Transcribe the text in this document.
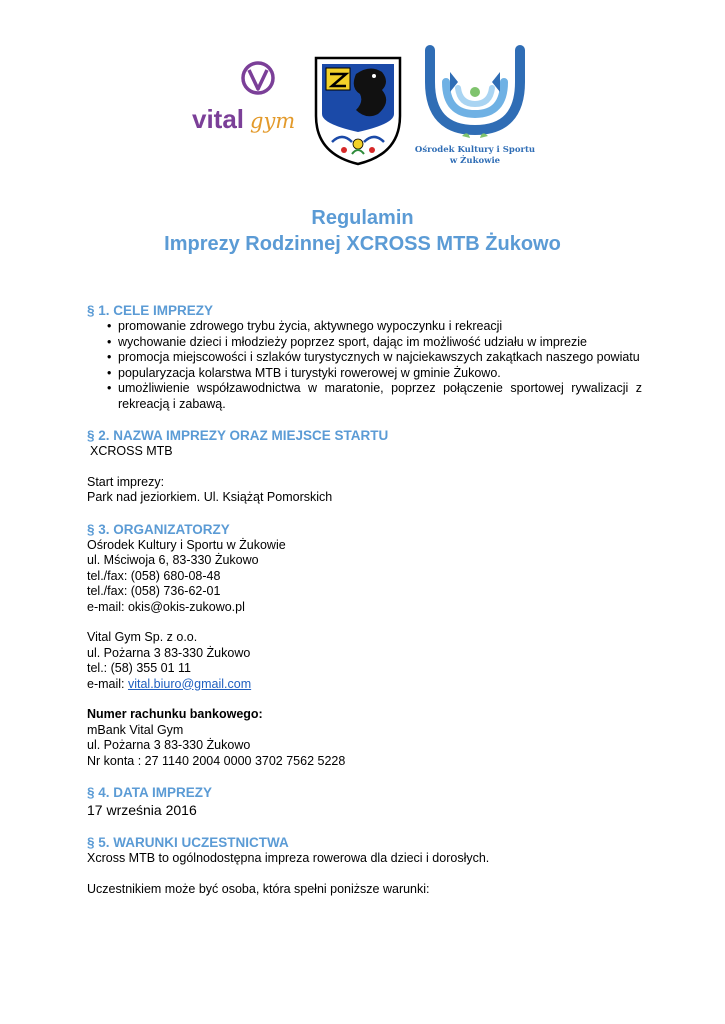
vital gym
Ośrodek Kultury i Sportu
w Żukowie
Regulamin
Imprezy Rodzinnej XCROSS MTB Żukowo
§ 1. CELE IMPREZY
• promowanie zdrowego trybu życia, aktywnego wypoczynku i rekreacji
• wychowanie dzieci i młodzieży poprzez sport, dając im możliwość udziału w imprezie
• promocja miejscowości i szlaków turystycznych w najciekawszych zakątkach naszego powiatu
• popularyzacja kolarstwa MTB i turystyki rowerowej w gminie Żukowo.
• umożliwienie współzawodnictwa w maratonie, poprzez połączenie sportowej rywalizacji z rekreacją i zabawą.
§ 2. NAZWA IMPREZY ORAZ MIEJSCE STARTU
XCROSS MTB
Start imprezy:
Park nad jeziorkiem. Ul. Książąt Pomorskich
§ 3. ORGANIZATORZY
Ośrodek Kultury i Sportu w Żukowie
ul. Mściwoja 6, 83-330 Żukowo
tel./fax: (058) 680-08-48
tel./fax: (058) 736-62-01
e-mail: okis@okis-zukowo.pl
Vital Gym Sp. z o.o.
ul. Pożarna 3 83-330 Żukowo
tel.: (58) 355 01 11
e-mail: vital.biuro@gmail.com
Numer rachunku bankowego:
mBank Vital Gym
ul. Pożarna 3 83-330 Żukowo
Nr konta : 27 1140 2004 0000 3702 7562 5228
§ 4. DATA IMPREZY
17 września 2016
§ 5. WARUNKI UCZESTNICTWA
Xcross MTB to ogólnodostępna impreza rowerowa dla dzieci i dorosłych.
Uczestnikiem może być osoba, która spełni poniższe warunki:
